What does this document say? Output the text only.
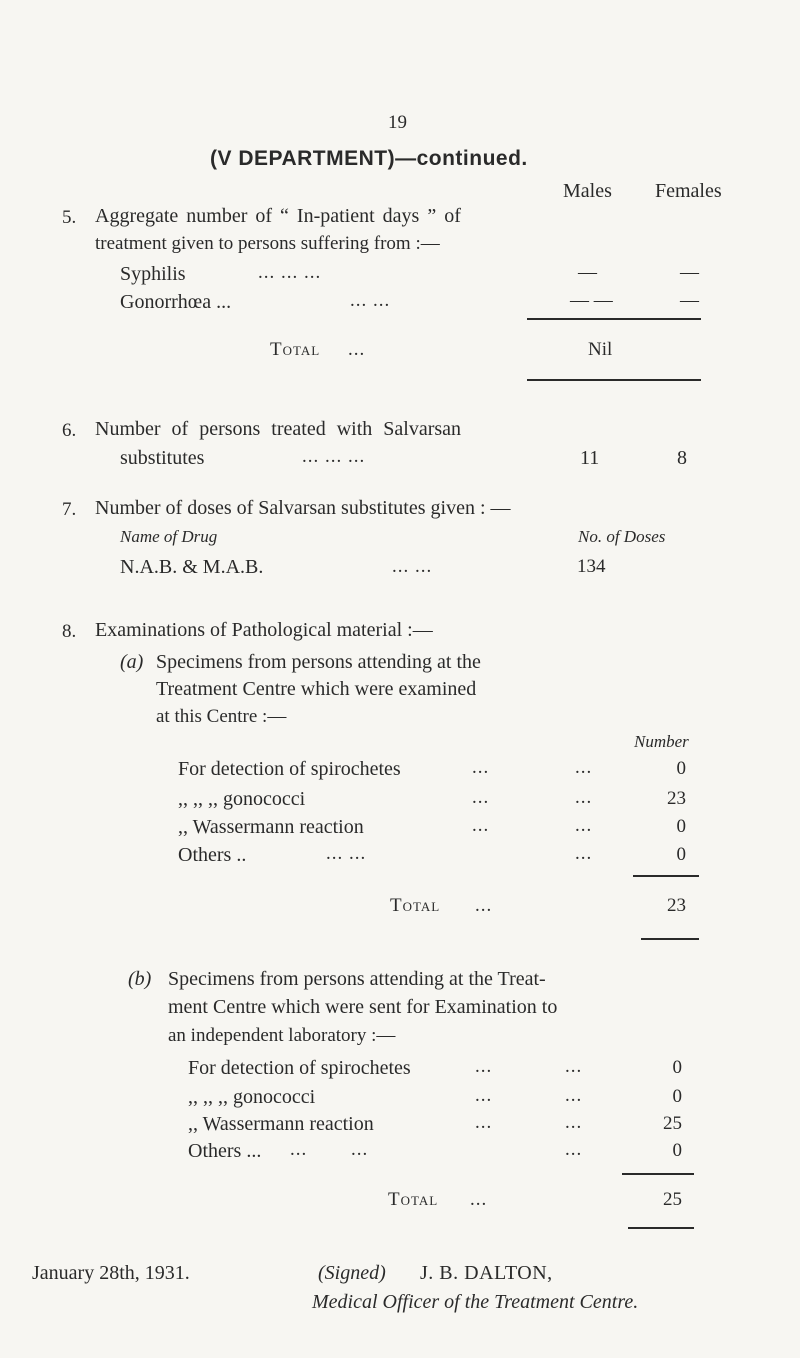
19
(V DEPARTMENT)—continued.
Males Females
5. Aggregate number of “ In-patient days ” of
treatment given to persons suffering from :—
Syphilis	... ... ...	—	—
Gonorrhœa ...	... ...	— —	—
Total ...	Nil
6. Number of persons treated with Salvarsan
substitutes	... ... ...	11	8
7. Number of doses of Salvarsan substitutes given : —
Name of Drug	No. of Doses
N.A.B. & M.A.B.	... ...	134
8. Examinations of Pathological material :—
(a) Specimens from persons attending at the
Treatment Centre which were examined
at this Centre :—
Number
For detection of spirochetes	...	...	0
,, ,, ,, gonococci	...	...	23
,, Wassermann reaction	...	...	0
Others ..	... ...	...	0
Total ...	23
(b) Specimens from persons attending at the Treat-
ment Centre which were sent for Examination to
an independent laboratory :—
For detection of spirochetes	...	...	0
,, ,, ,, gonococci	...	...	0
,, Wassermann reaction	...	...	25
Others ... ... ...	...	0
Total ...	25
January 28th, 1931.	(Signed) J. B. DALTON,
Medical Officer of the Treatment Centre.
